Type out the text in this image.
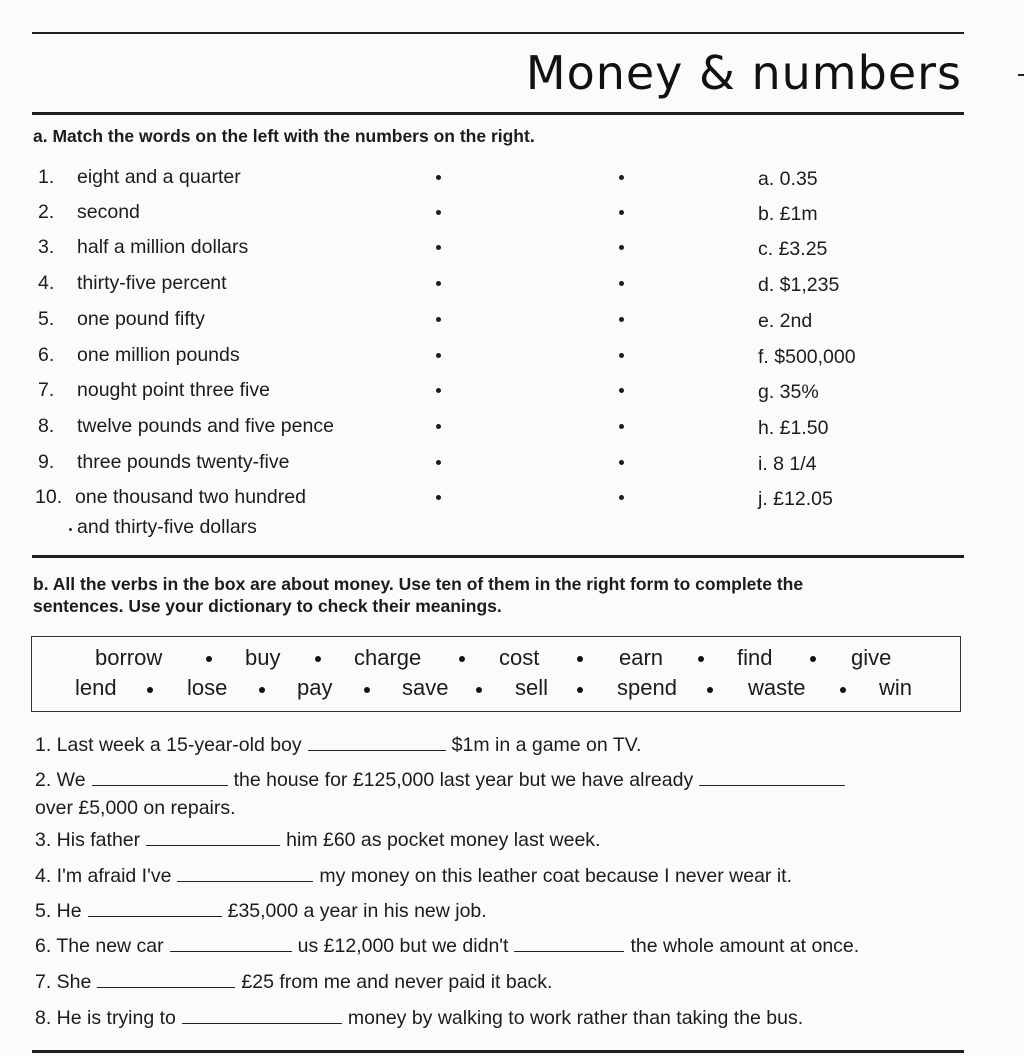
Money & numbers
a. Match the words on the left with the numbers on the right.
1. eight and a quarter	a. 0.35
2. second	b. £1m
3. half a million dollars	c. £3.25
4. thirty-five percent	d. $1,235
5. one pound fifty	e. 2nd
6. one million pounds	f. $500,000
7. nought point three five	g. 35%
8. twelve pounds and five pence	h. £1.50
9. three pounds twenty-five	i. 8 1/4
10. one thousand two hundred
and thirty-five dollars
j. £12.05
b. All the verbs in the box are about money. Use ten of them in the right form to complete the
sentences. Use your dictionary to check their meanings.
borrow	buy	charge	cost	earn	find	give
lend	lose	pay	save	sell	spend	waste	win
1. Last week a 15-year-old boy	$1m in a game on TV.
2. We	the house for £125,000 last year but we have already
over £5,000 on repairs.
3. His father	him £60 as pocket money last week.
4. I'm afraid I've	my money on this leather coat because I never wear it.
5. He	£35,000 a year in his new job.
6. The new car	us £12,000 but we didn't	the whole amount at once.
7. She	£25 from me and never paid it back.
8. He is trying to	money by walking to work rather than taking the bus.
